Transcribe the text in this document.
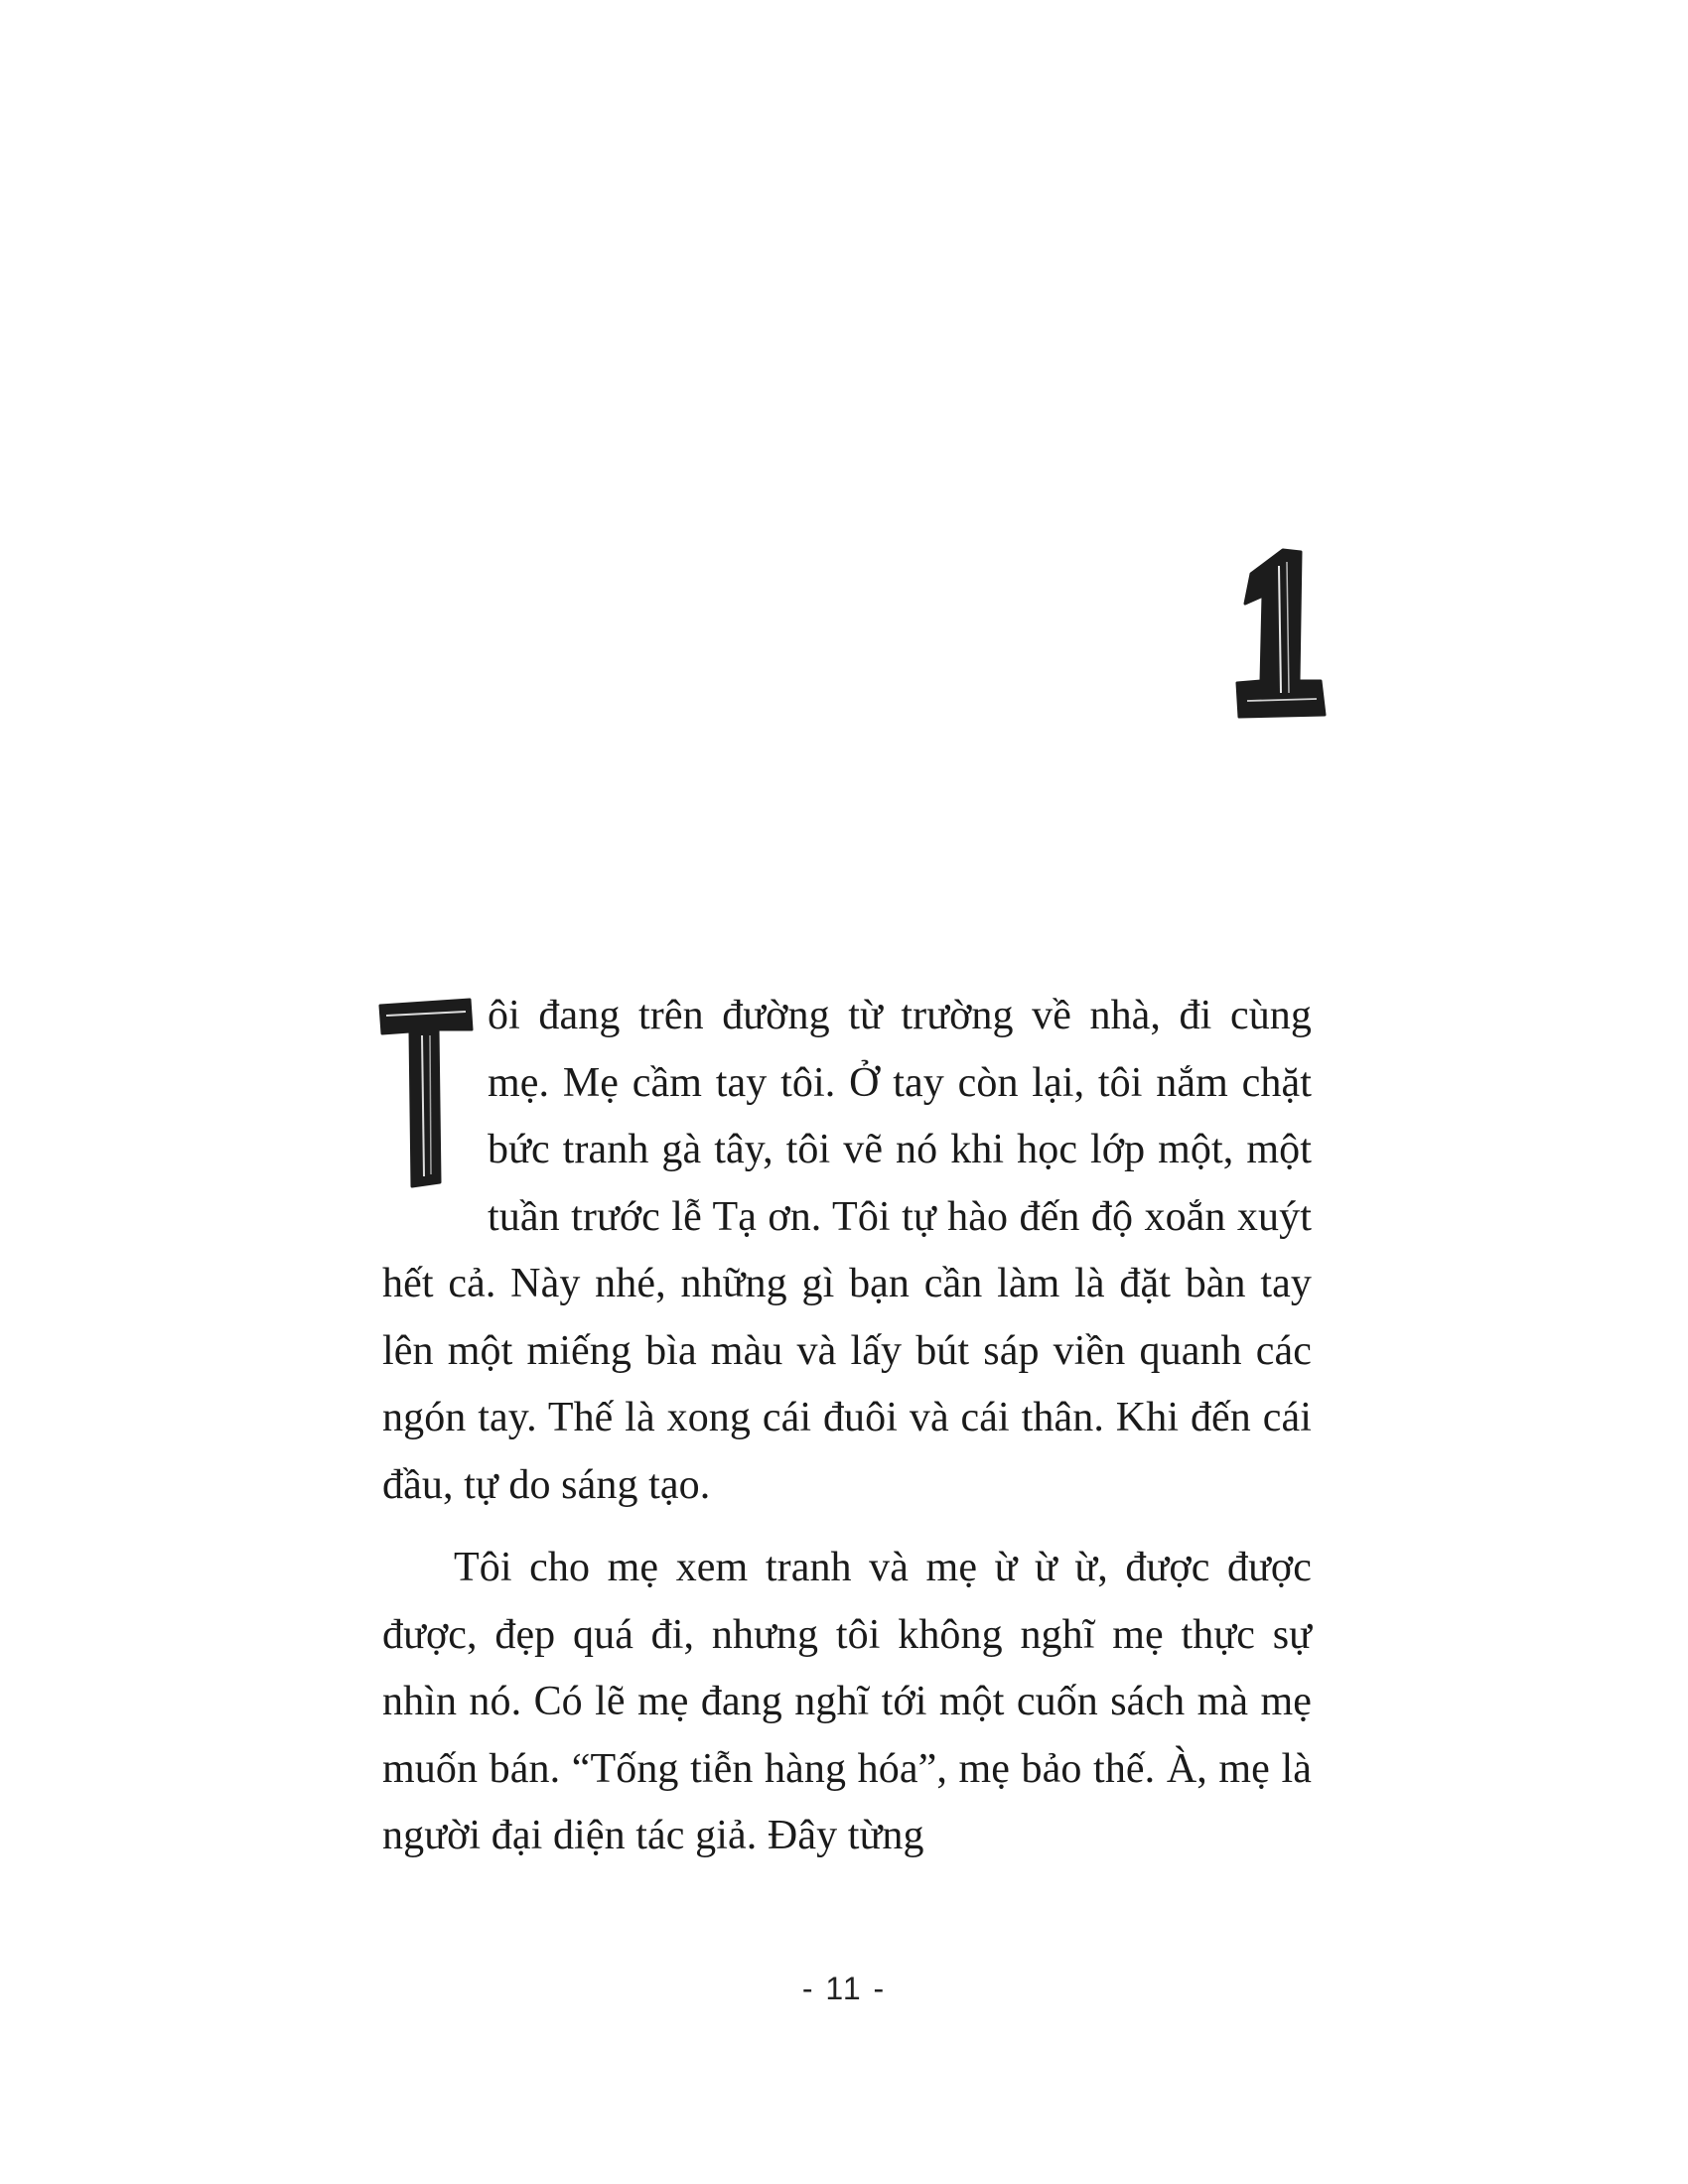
ôi đang trên đường từ trường về nhà, đi cùng mẹ. Mẹ cầm tay tôi. Ở tay còn lại, tôi nắm chặt bức tranh gà tây, tôi vẽ nó khi học lớp một, một tuần trước lễ Tạ ơn. Tôi tự hào đến độ xoắn xuýt hết cả. Này nhé, những gì bạn cần làm là đặt bàn tay lên một miếng bìa màu và lấy bút sáp viền quanh các ngón tay. Thế là xong cái đuôi và cái thân. Khi đến cái đầu, tự do sáng tạo.

Tôi cho mẹ xem tranh và mẹ ừ ừ ừ, được được được, đẹp quá đi, nhưng tôi không nghĩ mẹ thực sự nhìn nó. Có lẽ mẹ đang nghĩ tới một cuốn sách mà mẹ muốn bán. “Tống tiễn hàng hóa”, mẹ bảo thế. À, mẹ là người đại diện tác giả. Đây từng

- 11 -
